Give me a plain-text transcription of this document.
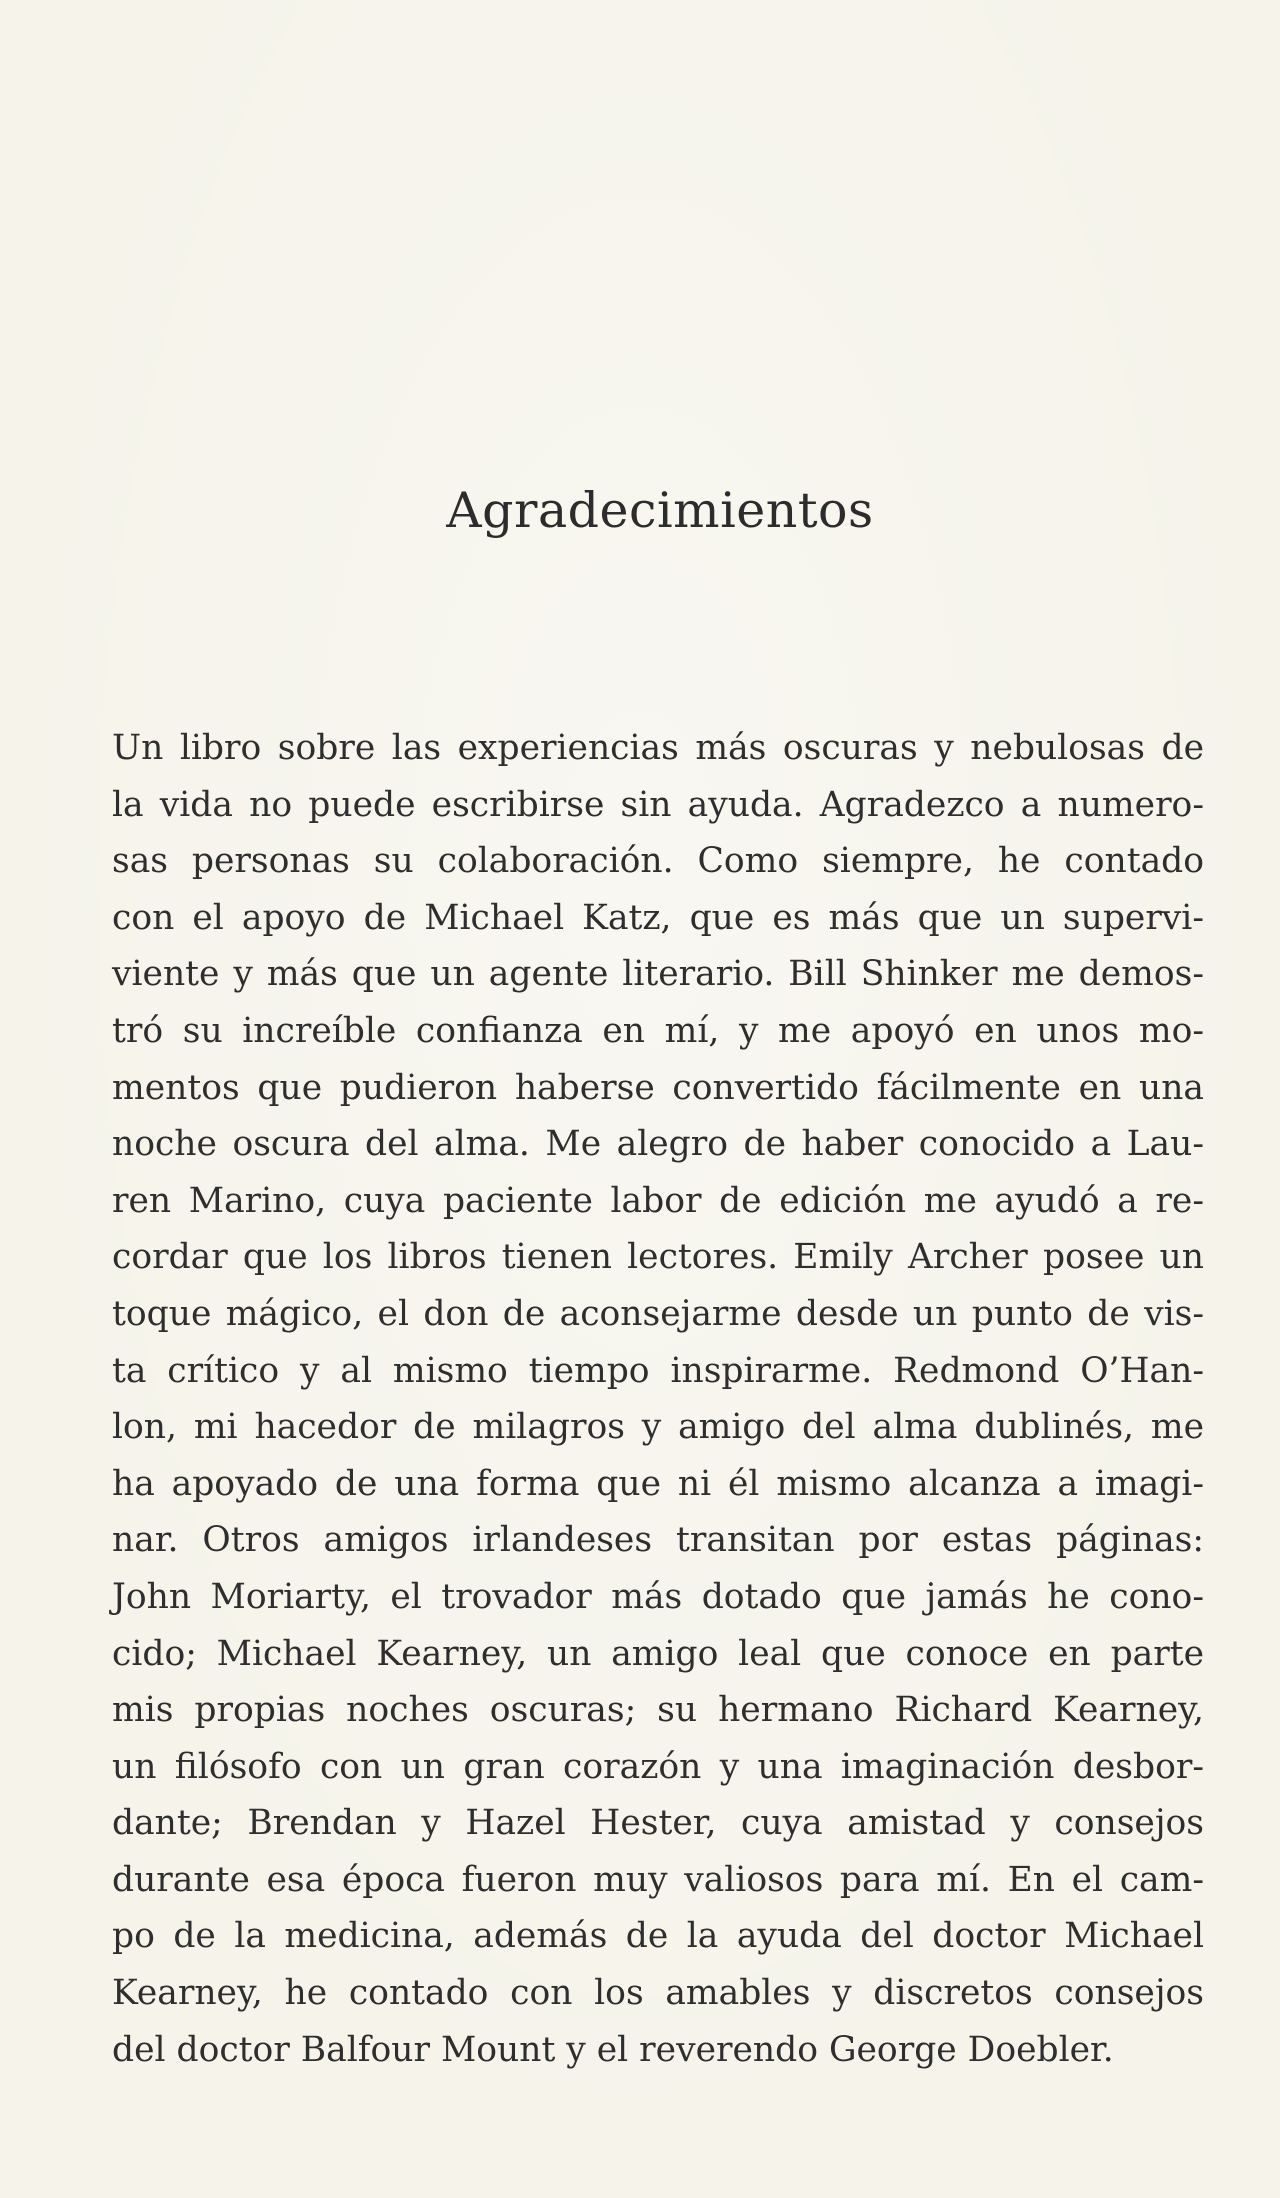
Agradecimientos
Un libro sobre las experiencias más oscuras y nebulosas de
la vida no puede escribirse sin ayuda. Agradezco a numero-
sas personas su colaboración. Como siempre, he contado
con el apoyo de Michael Katz, que es más que un supervi-
viente y más que un agente literario. Bill Shinker me demos-
tró su increíble confianza en mí, y me apoyó en unos mo-
mentos que pudieron haberse convertido fácilmente en una
noche oscura del alma. Me alegro de haber conocido a Lau-
ren Marino, cuya paciente labor de edición me ayudó a re-
cordar que los libros tienen lectores. Emily Archer posee un
toque mágico, el don de aconsejarme desde un punto de vis-
ta crítico y al mismo tiempo inspirarme. Redmond O’Han-
lon, mi hacedor de milagros y amigo del alma dublinés, me
ha apoyado de una forma que ni él mismo alcanza a imagi-
nar. Otros amigos irlandeses transitan por estas páginas:
John Moriarty, el trovador más dotado que jamás he cono-
cido; Michael Kearney, un amigo leal que conoce en parte
mis propias noches oscuras; su hermano Richard Kearney,
un filósofo con un gran corazón y una imaginación desbor-
dante; Brendan y Hazel Hester, cuya amistad y consejos
durante esa época fueron muy valiosos para mí. En el cam-
po de la medicina, además de la ayuda del doctor Michael
Kearney, he contado con los amables y discretos consejos
del doctor Balfour Mount y el reverendo George Doebler.
